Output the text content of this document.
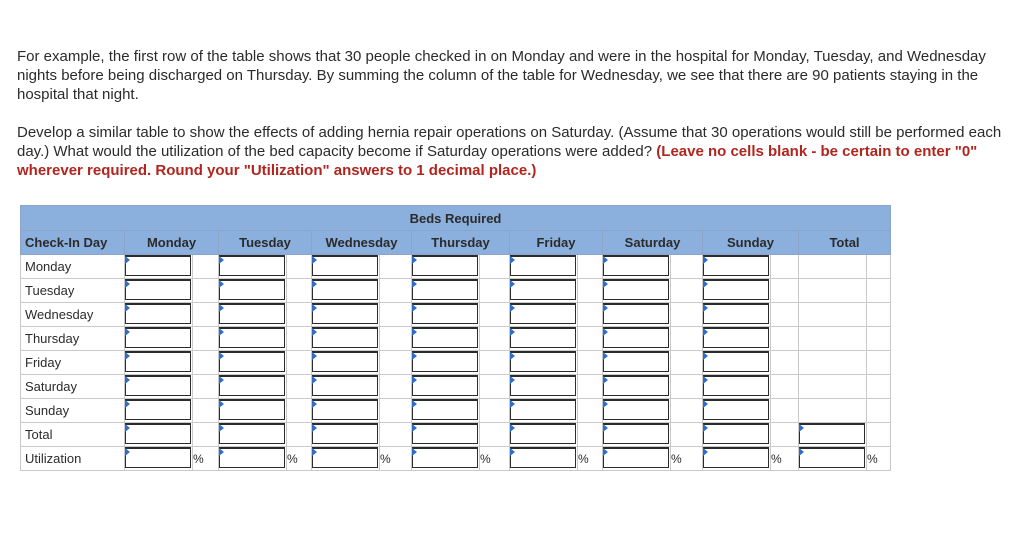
For example, the first row of the table shows that 30 people checked in on Monday and were in the hospital for Monday, Tuesday, and Wednesday nights before being discharged on Thursday. By summing the column of the table for Wednesday, we see that there are 90 patients staying in the hospital that night.

Develop a similar table to show the effects of adding hernia repair operations on Saturday. (Assume that 30 operations would still be performed each day.) What would the utilization of the bed capacity become if Saturday operations were added? (Leave no cells blank - be certain to enter "0" wherever required. Round your "Utilization" answers to 1 decimal place.)

Beds Required																
Check-In Day	Monday		Tuesday		Wednesday		Thursday		Friday		Saturday		Sunday		Total	
Monday	

Tuesday	

Wednesday	

Thursday	

Friday	

Saturday	

Sunday	

Total	

Utilization		%		%		%		%		%		%		%		%
